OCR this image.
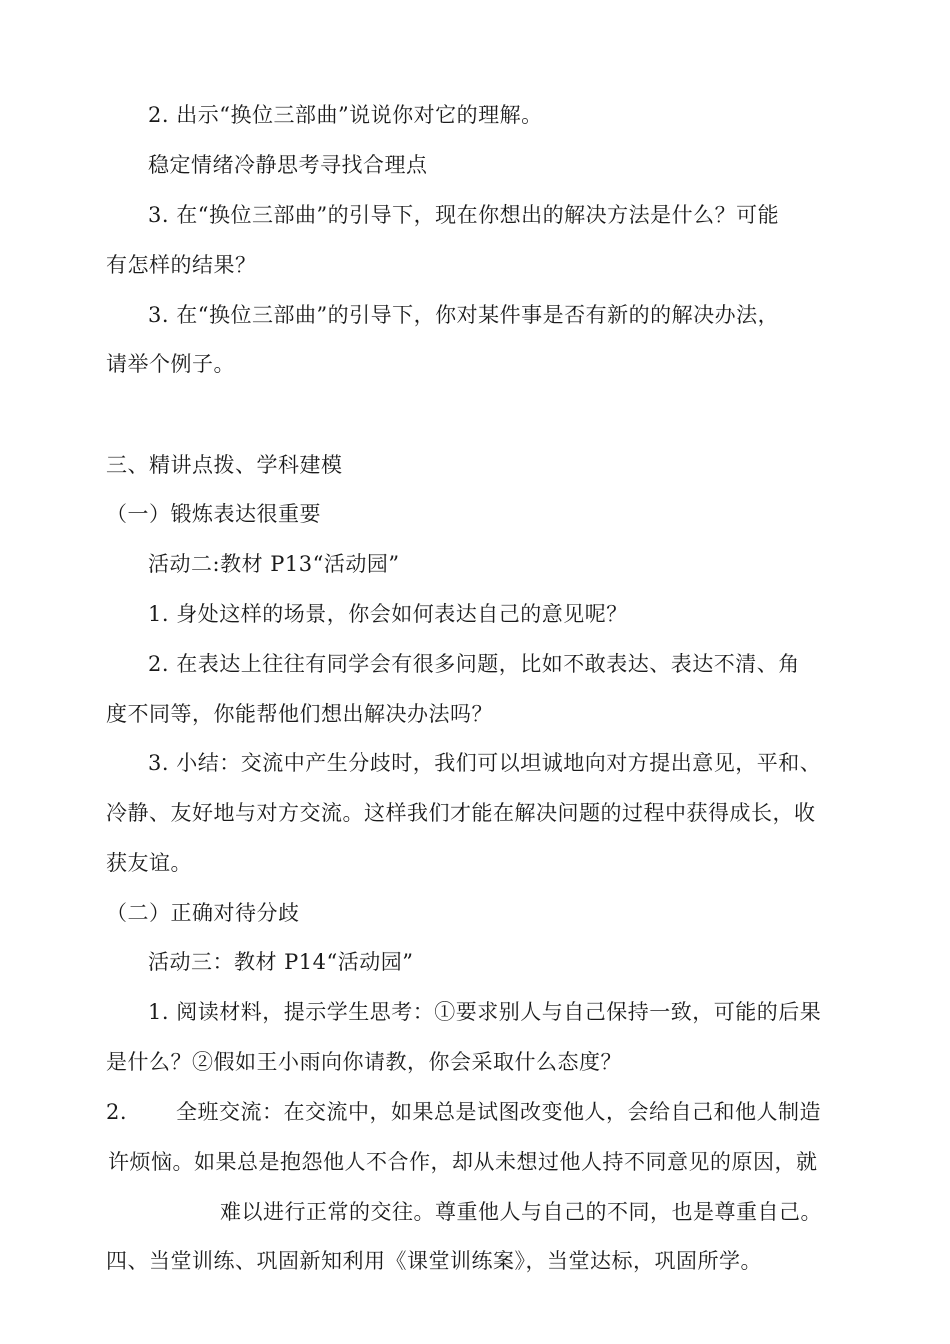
2. 出示“换位三部曲”说说你对它的理解。
稳定情绪冷静思考寻找合理点
3. 在“换位三部曲”的引导下，现在你想出的解决方法是什么？可能
有怎样的结果？
3. 在“换位三部曲”的引导下，你对某件事是否有新的的解决办法，
请举个例子。
三、精讲点拨、学科建模
（一）锻炼表达很重要
活动二:教材 P13“活动园”
1. 身处这样的场景，你会如何表达自己的意见呢？
2. 在表达上往往有同学会有很多问题，比如不敢表达、表达不清、角
度不同等，你能帮他们想出解决办法吗？
3. 小结：交流中产生分歧时，我们可以坦诚地向对方提出意见，平和、
冷静、友好地与对方交流。这样我们才能在解决问题的过程中获得成长，收
获友谊。
（二）正确对待分歧
活动三：教材 P14“活动园”
1. 阅读材料，提示学生思考：①要求别人与自己保持一致，可能的后果
是什么？②假如王小雨向你请教，你会采取什么态度？
2. 全班交流：在交流中，如果总是试图改变他人，会给自己和他人制造
许烦恼。如果总是抱怨他人不合作，却从未想过他人持不同意见的原因，就
难以进行正常的交往。尊重他人与自己的不同，也是尊重自己。
四、当堂训练、巩固新知利用《课堂训练案》，当堂达标，巩固所学。
